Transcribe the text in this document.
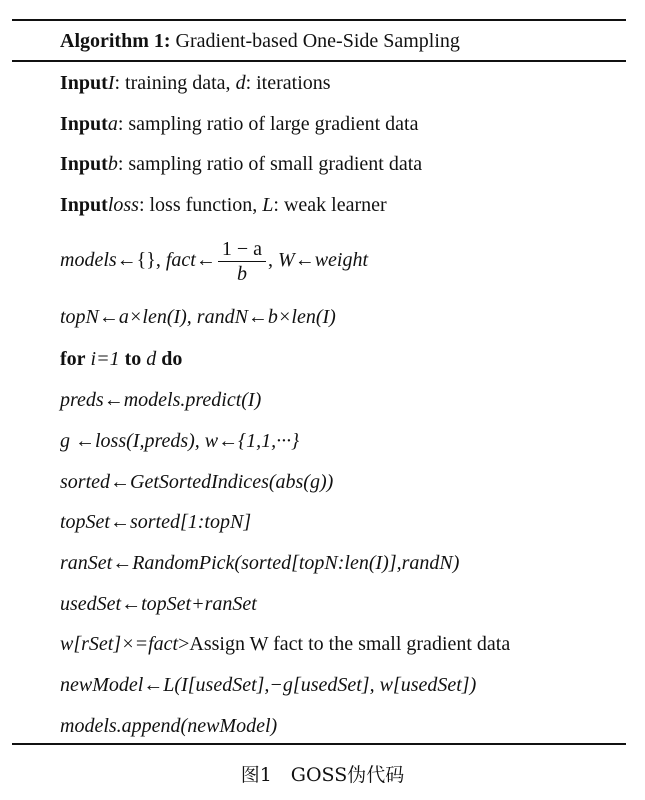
Algorithm 1: Gradient-based One-Side Sampling
InputI: training data, d: iterations
Inputa: sampling ratio of large gradient data
Inputb: sampling ratio of small gradient data
Inputloss: loss function, L: weak learner
models←{}, fact← $\frac{1 - a}{b}$ , W←weight
topN←a×len(I), randN←b×len(I)
for i=1 to d do
preds←models.predict(I)
g ←loss(I,preds), w←{1,1,···}
sorted←GetSortedIndices(abs(g))
topSet←sorted[1:topN]
ranSet←RandomPick(sorted[topN:len(I)],randN)
usedSet←topSet+ranSet
w[rSet]×=fact>Assign W fact to the small gradient data
newModel←L(I[usedSet],−g[usedSet], w[usedSet])
models.append(newModel)
图1　GOSS伪代码
